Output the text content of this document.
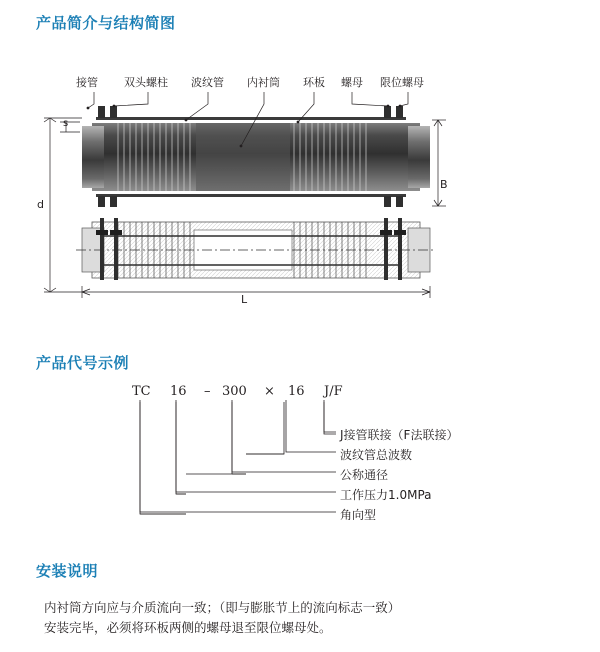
产品简介与结构简图
接管 双头螺柱 波纹管 内衬筒 环板 螺母 限位螺母
s
d
B
L
产品代号示例
TC 16 – 300 × 16 J/F
J接管联接（F法联接）
波纹管总波数
公称通径
工作压力1.0MPa
角向型
安装说明
内衬筒方向应与介质流向一致；（即与膨胀节上的流向标志一致）
安装完毕，必须将环板两侧的螺母退至限位螺母处。
